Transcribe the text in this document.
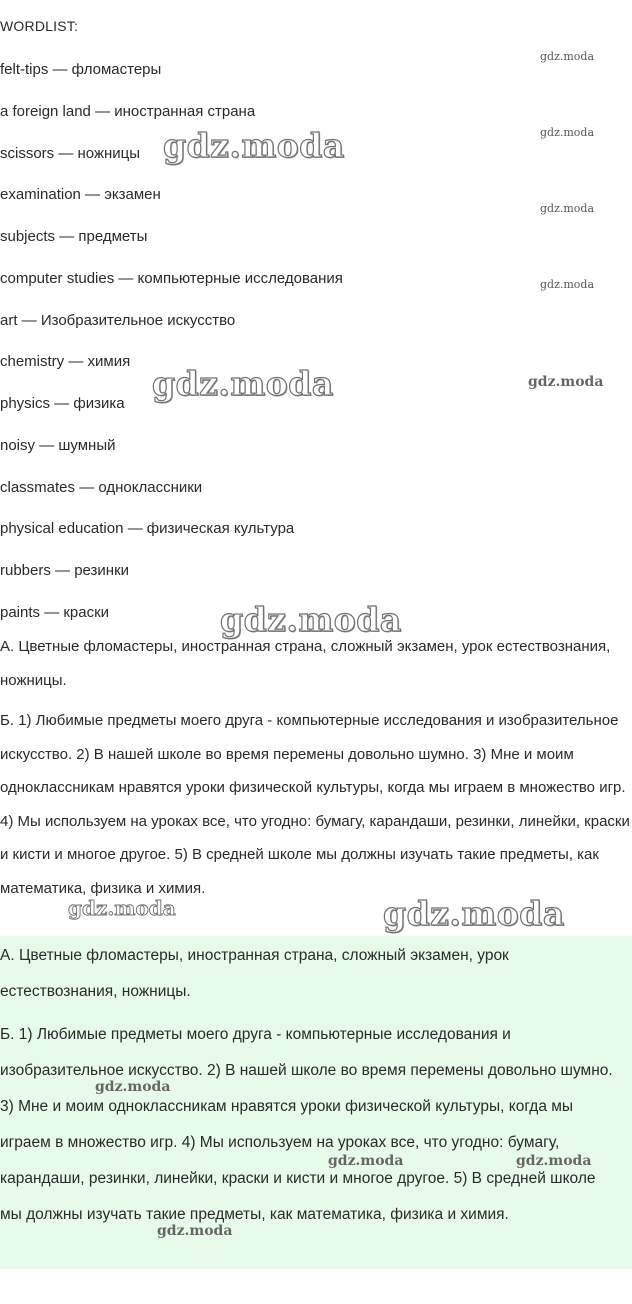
WORDLIST:
felt-tips — фломастеры
a foreign land — иностранная страна
scissors — ножницы
examination — экзамен
subjects — предметы
computer studies — компьютерные исследования
art — Изобразительное искусство
chemistry — химия
physics — физика
noisy — шумный
classmates — одноклассники
physical education — физическая культура
rubbers — резинки
paints — краски

А. Цветные фломастеры, иностранная страна, сложный экзамен, урок естествознания, ножницы.

Б. 1) Любимые предметы моего друга - компьютерные исследования и изобразительное искусство. 2) В нашей школе во время перемены довольно шумно. 3) Мне и моим одноклассникам нравятся уроки физической культуры, когда мы играем в множество игр. 4) Мы используем на уроках все, что угодно: бумагу, карандаши, резинки, линейки, краски и кисти и многое другое. 5) В средней школе мы должны изучать такие предметы, как математика, физика и химия.

А. Цветные фломастеры, иностранная страна, сложный экзамен, урок естествознания, ножницы.

Б. 1) Любимые предметы моего друга - компьютерные исследования и изобразительное искусство. 2) В нашей школе во время перемены довольно шумно. 3) Мне и моим одноклассникам нравятся уроки физической культуры, когда мы играем в множество игр. 4) Мы используем на уроках все, что угодно: бумагу, карандаши, резинки, линейки, краски и кисти и многое другое. 5) В средней школе мы должны изучать такие предметы, как математика, физика и химия.

gdz.moda
gdz.moda
gdz.moda
gdz.moda
gdz.moda
gdz.moda	gdz.moda
gdz.moda
gdz.moda	gdz.moda
gdz.moda
gdz.moda	gdz.moda
gdz.moda
